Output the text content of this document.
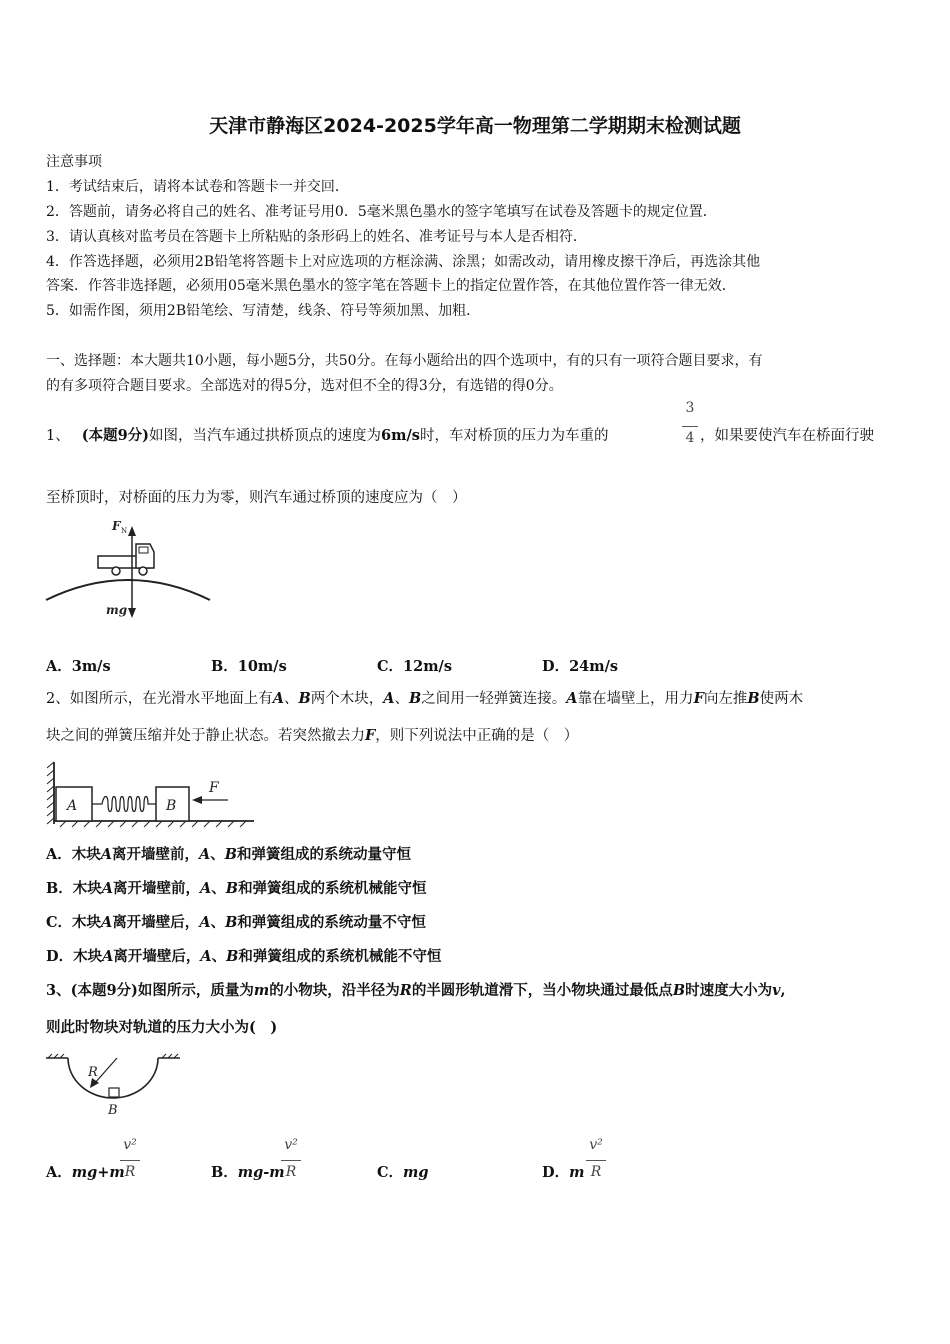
天津市静海区2024-2025学年高一物理第二学期期末检测试题
注意事项
1．考试结束后，请将本试卷和答题卡一并交回．
2．答题前，请务必将自己的姓名、准考证号用0．5毫米黑色墨水的签字笔填写在试卷及答题卡的规定位置．
3．请认真核对监考员在答题卡上所粘贴的条形码上的姓名、准考证号与本人是否相符．
4．作答选择题，必须用2B铅笔将答题卡上对应选项的方框涂满、涂黑；如需改动，请用橡皮擦干净后，再选涂其他
答案．作答非选择题，必须用05毫米黑色墨水的签字笔在答题卡上的指定位置作答，在其他位置作答一律无效．
5．如需作图，须用2B铅笔绘、写清楚，线条、符号等须加黑、加粗．
一、选择题：本大题共10小题，每小题5分，共50分。在每小题给出的四个选项中，有的只有一项符合题目要求，有
的有多项符合题目要求。全部选对的得5分，选对但不全的得3分，有选错的得0分。
1、 (本题9分)如图，当汽车通过拱桥顶点的速度为6m/s时，车对桥顶的压力为车重的
3
4 ，如果要使汽车在桥面行驶
至桥顶时，对桥面的压力为零，则汽车通过桥顶的速度应为（　）
F N
mg
A．3m/s	B．10m/s	C．12m/s	D．24m/s
2、如图所示，在光滑水平地面上有A、B两个木块，A、B之间用一轻弹簧连接。A靠在墙壁上，用力F向左推B使两木
块之间的弹簧压缩并处于静止状态。若突然撤去力F，则下列说法中正确的是（　）
A	B
F
A．木块A离开墙壁前，A、B和弹簧组成的系统动量守恒
B．木块A离开墙壁前，A、B和弹簧组成的系统机械能守恒
C．木块A离开墙壁后，A、B和弹簧组成的系统动量不守恒
D．木块A离开墙壁后，A、B和弹簧组成的系统机械能不守恒
3、(本题9分)如图所示，质量为m的小物块，沿半径为R的半圆形轨道滑下，当小物块通过最低点B时速度大小为v,
则此时物块对轨道的压力大小为(　)
R
B
A．mg+m
v²
R	B．mg-m
v²
R	C．mg	D．m
v²
R
